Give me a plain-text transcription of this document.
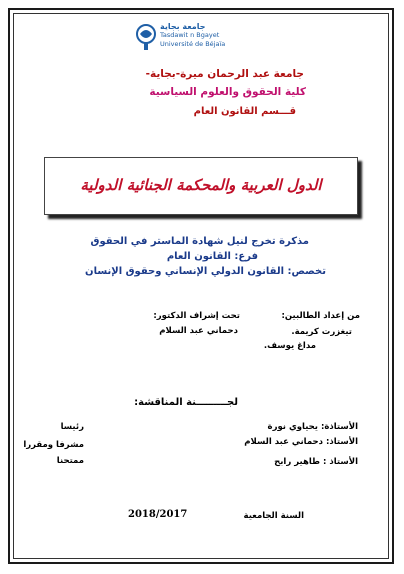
جامعة بجاية
Tasdawit n Bgayet
Université de Béjaïa
جامعة عبد الرحمان ميرة-بجاية-
كلية الحقوق والعلوم السياسية
قـــسم القانون العام
الدول العربية والمحكمة الجنائية الدولية
مذكرة تخرج لنيل شهادة الماستر في الحقوق
فرع: القانون العام
تخصص: القانون الدولي الإنساني وحقوق الإنسان
من إعداد الطالبين:
تحت إشراف الدكتور:
تيغزرت كريمة.
مداغ يوسف.
دحماني عبد السلام
لجـــــــــنة المناقشة:
الأستاذة: يحياوي نورة
رئيسا
الأستاذ: دحماني عبد السلام
مشرفا ومقررا
الأستاذ : طاهير رابح
ممتحنا
السنة الجامعية
2018/2017
